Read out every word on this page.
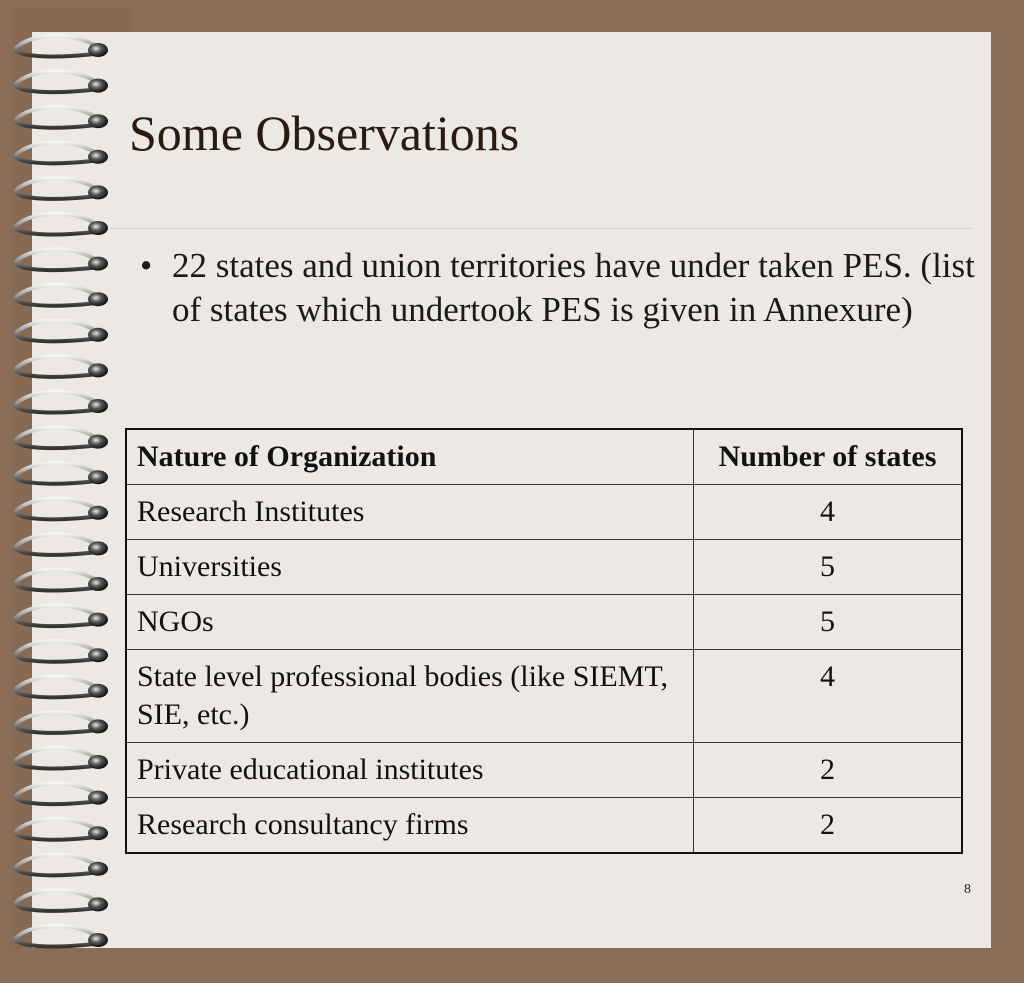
Some Observations
• 22 states and union territories have under taken PES. (list of states which undertook PES is given in Annexure)
Nature of Organization	Number of states
Research Institutes	4
Universities	5
NGOs	5
State level professional bodies (like SIEMT, SIE, etc.)	4
Private educational institutes	2
Research consultancy firms	2
8
